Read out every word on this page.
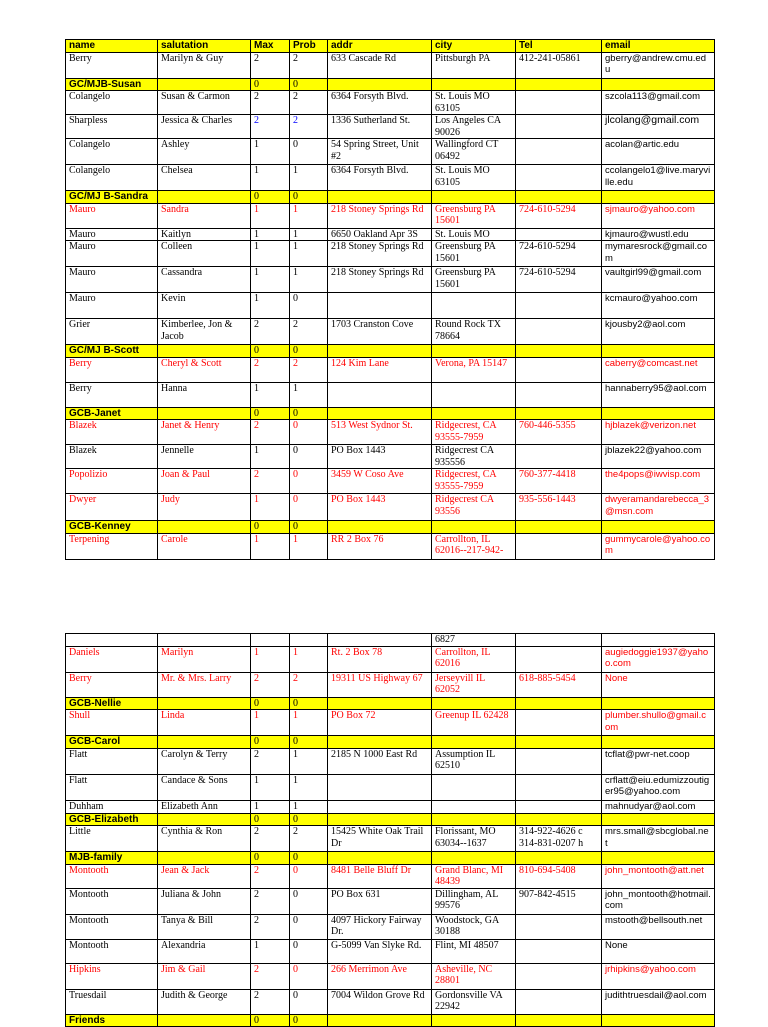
name	salutation	Max	Prob	addr	city	Tel	email
Berry	Marilyn & Guy	2	2	633 Cascade Rd	Pittsburgh PA	412-241-05861	gberry@andrew.cmu.edu
GC/MJB-Susan		0	0				
Colangelo	Susan & Carmon	2	2	6364 Forsyth Blvd.	St. Louis MO 63105		szcola113@gmail.com
Sharpless	Jessica & Charles	2	2	1336 Sutherland St.	Los Angeles CA 90026		jlcolang@gmail.com
Colangelo	Ashley	1	0	54 Spring Street, Unit #2	Wallingford CT 06492		acolan@artic.edu
Colangelo	Chelsea	1	1	6364 Forsyth Blvd.	St. Louis MO 63105		ccolangelo1@live.maryville.edu
GC/MJ B-Sandra		0	0				
Mauro	Sandra	1	1	218 Stoney Springs Rd	Greensburg PA 15601	724-610-5294	sjmauro@yahoo.com
Mauro	Kaitlyn	1	1	6650 Oakland Apr 3S	St. Louis MO		kjmauro@wustl.edu
Mauro	Colleen	1	1	218 Stoney Springs Rd	Greensburg PA 15601	724-610-5294	mymaresrock@gmail.com
Mauro	Cassandra	1	1	218 Stoney Springs Rd	Greensburg PA 15601	724-610-5294	vaultgirl99@gmail.com
Mauro	Kevin	1	0				kcmauro@yahoo.com
Grier	Kimberlee, Jon & Jacob	2	2	1703 Cranston Cove	Round Rock TX 78664		kjousby2@aol.com
GC/MJ B-Scott		0	0				
Berry	Cheryl & Scott	2	2	124 Kim Lane	Verona, PA 15147		caberry@comcast.net
Berry	Hanna	1	1				hannaberry95@aol.com
GCB-Janet		0	0				
Blazek	Janet & Henry	2	0	513 West Sydnor St.	Ridgecrest, CA 93555-7959	760-446-5355	hjblazek@verizon.net
Blazek	Jennelle	1	0	PO Box 1443	Ridgecrest CA 935556		jblazek22@yahoo.com
Popolizio	Joan & Paul	2	0	3459 W Coso Ave	Ridgecrest, CA 93555-7959	760-377-4418	the4pops@iwvisp.com
Dwyer	Judy	1	0	PO Box 1443	Ridgecrest CA 93556	935-556-1443	dwyeramandarebecca_3@msn.com
GCB-Kenney		0	0				
Terpening	Carole	1	1	RR 2 Box 76	Carrollton, IL 62016--217-942-		gummycarole@yahoo.com
					6827		
Daniels	Marilyn	1	1	Rt. 2 Box 78	Carrollton, IL 62016		augiedoggie1937@yahoo.com
Berry	Mr. & Mrs. Larry	2	2	19311 US Highway 67	Jerseyvill IL 62052	618-885-5454	None
GCB-Nellie		0	0				
Shull	Linda	1	1	PO Box 72	Greenup IL 62428		plumber.shullo@gmail.com
GCB-Carol		0	0				
Flatt	Carolyn & Terry	2	1	2185 N 1000 East Rd	Assumption IL 62510		tcflat@pwr-net.coop
Flatt	Candace & Sons	1	1				crflatt@eiu.edumizzoutiger95@yahoo.com
Duhham	Elizabeth Ann	1	1				mahnudyar@aol.com
GCB-Elizabeth		0	0				
Little	Cynthia & Ron	2	2	15425 White Oak Trail Dr	Florissant, MO 63034--1637	314-922-4626 c 314-831-0207 h	mrs.small@sbcglobal.net
MJB-family		0	0				
Montooth	Jean & Jack	2	0	8481 Belle Bluff Dr	Grand Blanc, MI 48439	810-694-5408	john_montooth@att.net
Montooth	Juliana & John	2	0	PO Box 631	Dillingham, AL 99576	907-842-4515	john_montooth@hotmail.com
Montooth	Tanya & Bill	2	0	4097 Hickory Fairway Dr.	Woodstock, GA 30188		mstooth@bellsouth.net
Montooth	Alexandria	1	0	G-5099 Van Slyke Rd.	Flint, MI 48507		None
Hipkins	Jim & Gail	2	0	266 Merrimon Ave	Asheville, NC 28801		jrhipkins@yahoo.com
Truesdail	Judith & George	2	0	7004 Wildon Grove Rd	Gordonsville VA 22942		judithtruesdail@aol.com
Friends		0	0				
